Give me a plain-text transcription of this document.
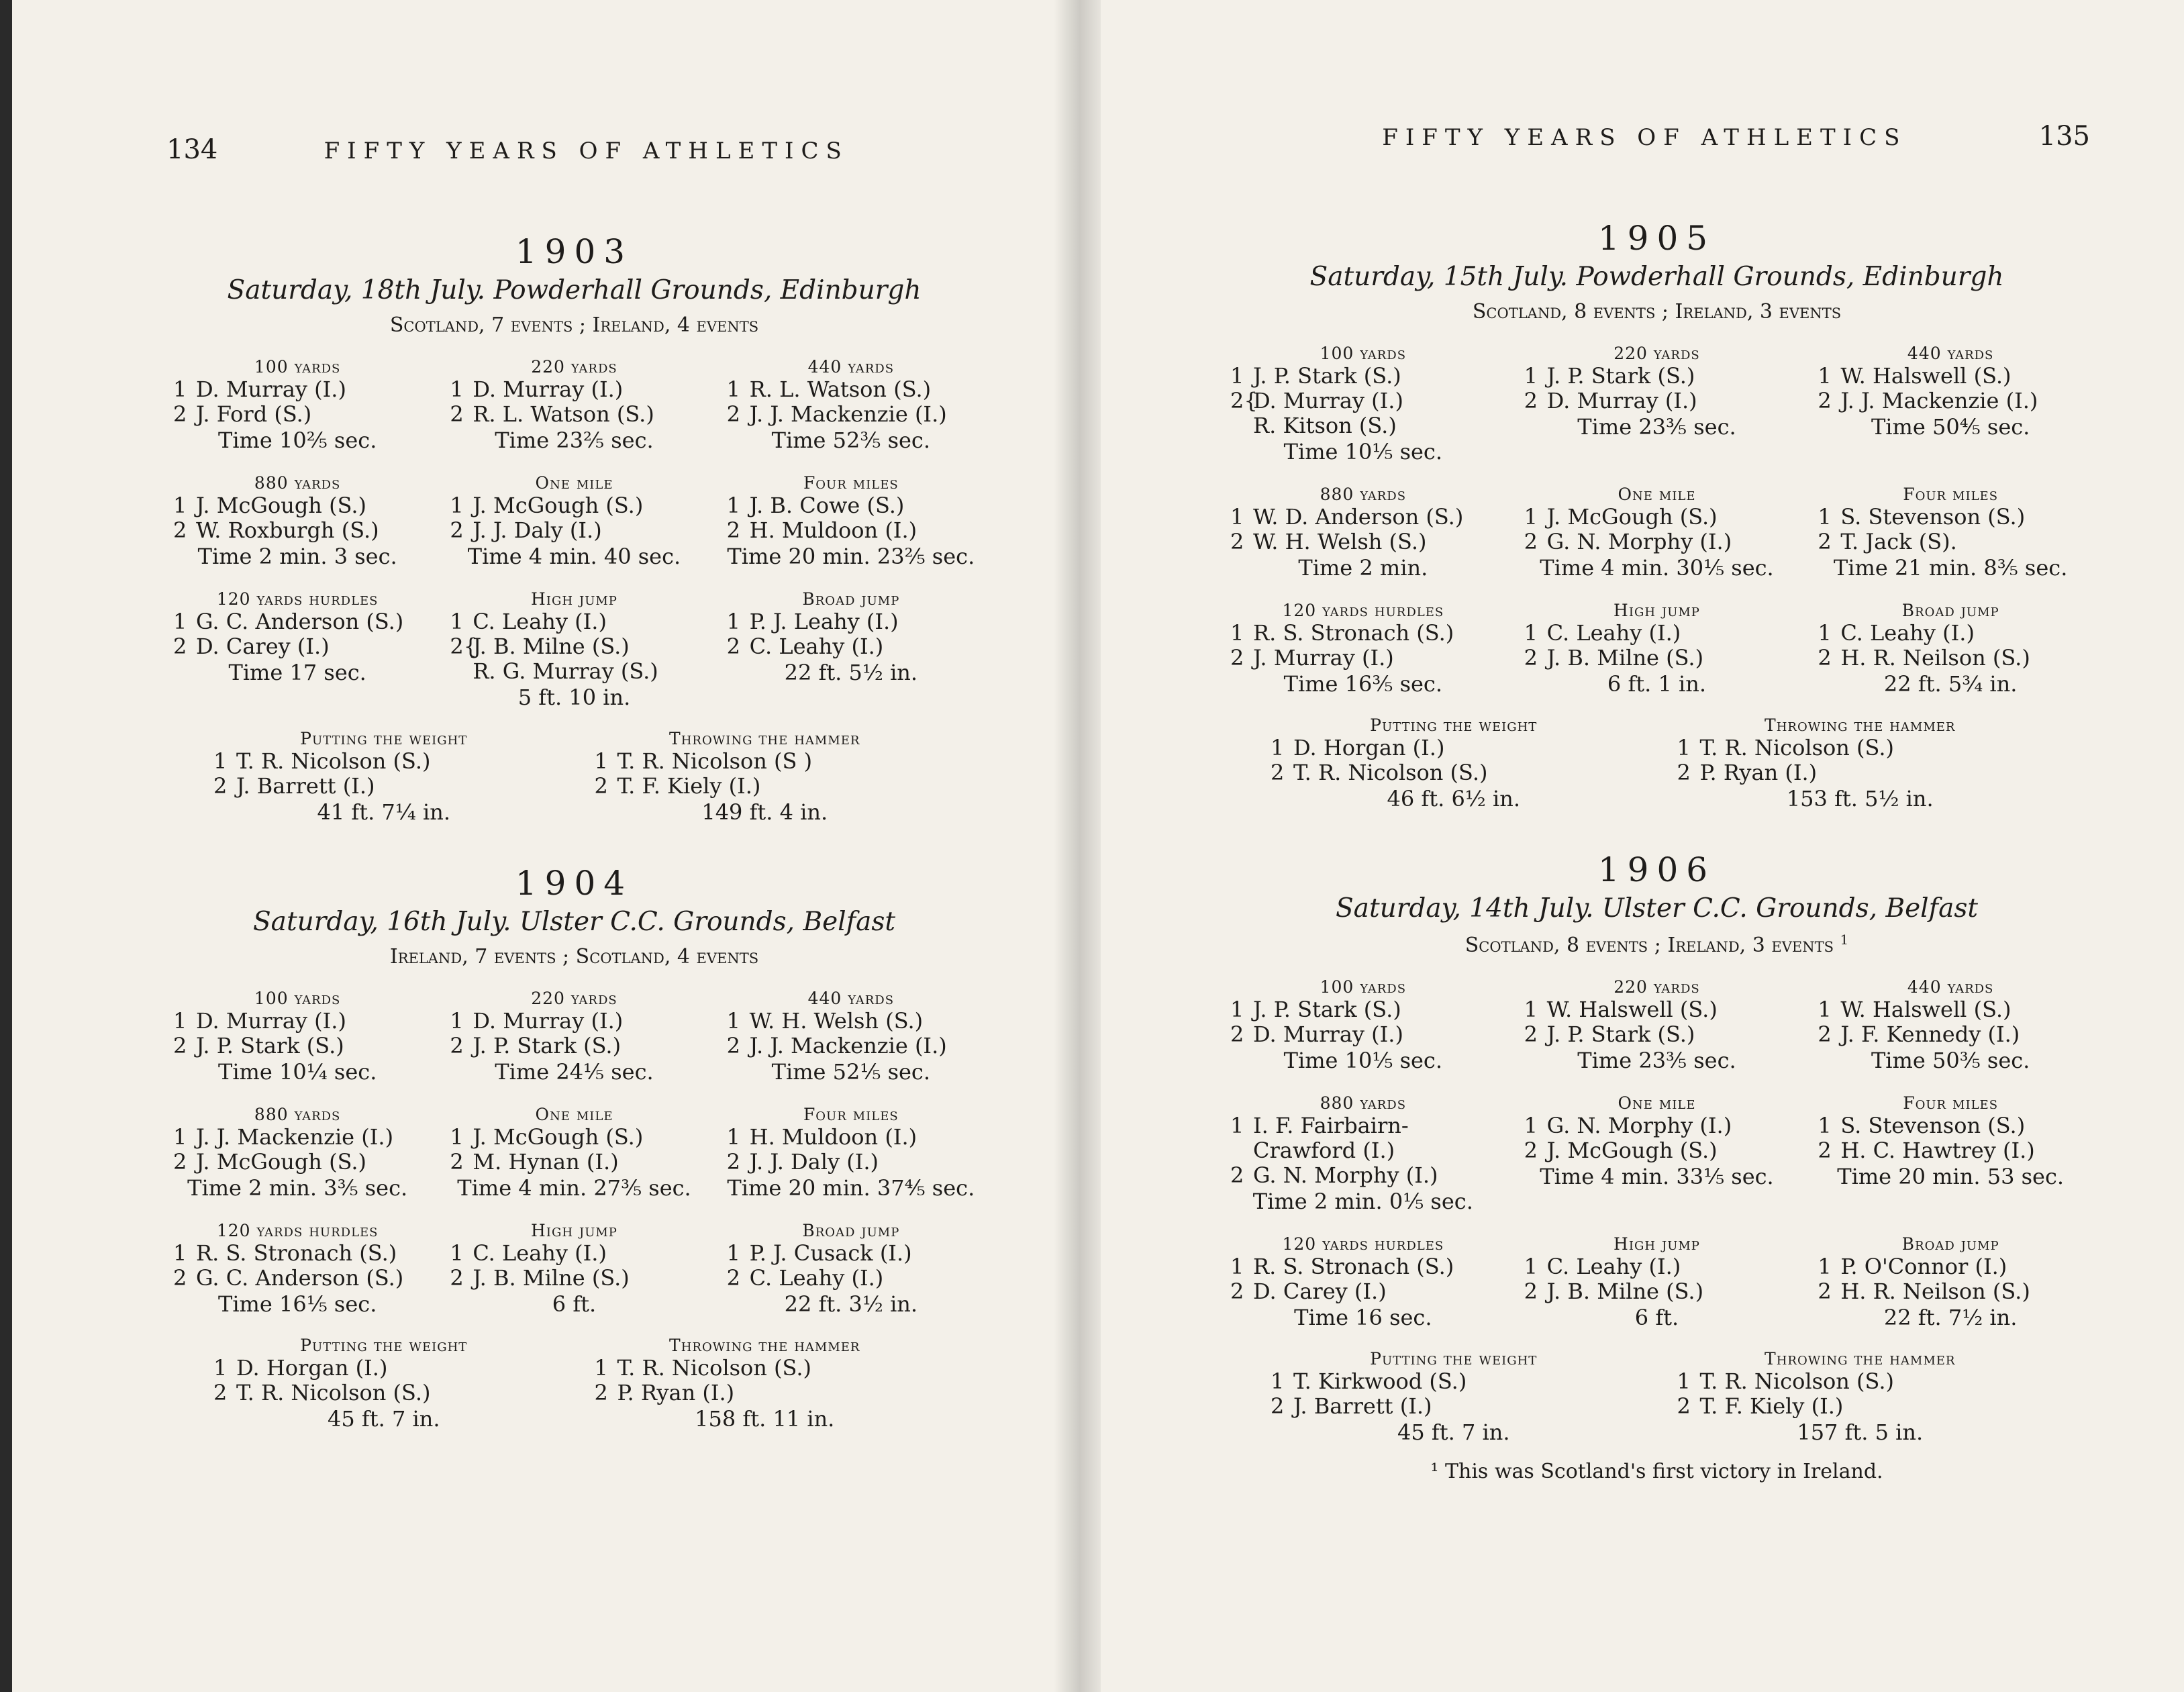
134	FIFTY YEARS OF ATHLETICS
1903
Saturday, 18th July. Powderhall Grounds, Edinburgh
Scotland, 7 events ; Ireland, 4 events
100 yards
1 D. Murray (I.)
2 J. Ford (S.)
Time 10⅖ sec.
220 yards
1 D. Murray (I.)
2 R. L. Watson (S.)
Time 23⅖ sec.
440 yards
1 R. L. Watson (S.)
2 J. J. Mackenzie (I.)
Time 52⅗ sec.
880 yards
1 J. McGough (S.)
2 W. Roxburgh (S.)
Time 2 min. 3 sec.
One mile
1 J. McGough (S.)
2 J. J. Daly (I.)
Time 4 min. 40 sec.
Four miles
1 J. B. Cowe (S.)
2 H. Muldoon (I.)
Time 20 min. 23⅖ sec.
120 yards hurdles
1 G. C. Anderson (S.)
2 D. Carey (I.)
Time 17 sec.
High jump
1 C. Leahy (I.)
2{
J. B. Milne (S.)
R. G. Murray (S.)
5 ft. 10 in.
Broad jump
1 P. J. Leahy (I.)
2 C. Leahy (I.)
22 ft. 5½ in.
Putting the weight
1 T. R. Nicolson (S.)
2 J. Barrett (I.)
41 ft. 7¼ in.
Throwing the hammer
1 T. R. Nicolson (S )
2 T. F. Kiely (I.)
149 ft. 4 in.
1904
Saturday, 16th July. Ulster C.C. Grounds, Belfast
Ireland, 7 events ; Scotland, 4 events
100 yards
1 D. Murray (I.)
2 J. P. Stark (S.)
Time 10¼ sec.
220 yards
1 D. Murray (I.)
2 J. P. Stark (S.)
Time 24⅕ sec.
440 yards
1 W. H. Welsh (S.)
2 J. J. Mackenzie (I.)
Time 52⅕ sec.
880 yards
1 J. J. Mackenzie (I.)
2 J. McGough (S.)
Time 2 min. 3⅗ sec.
One mile
1 J. McGough (S.)
2 M. Hynan (I.)
Time 4 min. 27⅗ sec.
Four miles
1 H. Muldoon (I.)
2 J. J. Daly (I.)
Time 20 min. 37⅘ sec.
120 yards hurdles
1 R. S. Stronach (S.)
2 G. C. Anderson (S.)
Time 16⅕ sec.
High jump
1 C. Leahy (I.)
2 J. B. Milne (S.)
6 ft.
Broad jump
1 P. J. Cusack (I.)
2 C. Leahy (I.)
22 ft. 3½ in.
Putting the weight
1 D. Horgan (I.)
2 T. R. Nicolson (S.)
45 ft. 7 in.
Throwing the hammer
1 T. R. Nicolson (S.)
2 P. Ryan (I.)
158 ft. 11 in.
FIFTY YEARS OF ATHLETICS	135
1905
Saturday, 15th July. Powderhall Grounds, Edinburgh
Scotland, 8 events ; Ireland, 3 events
100 yards
1 J. P. Stark (S.)
2{
D. Murray (I.)
R. Kitson (S.)
Time 10⅕ sec.
220 yards
1 J. P. Stark (S.)
2 D. Murray (I.)
Time 23⅗ sec.
440 yards
1 W. Halswell (S.)
2 J. J. Mackenzie (I.)
Time 50⅘ sec.
880 yards
1 W. D. Anderson (S.)
2 W. H. Welsh (S.)
Time 2 min.
One mile
1 J. McGough (S.)
2 G. N. Morphy (I.)
Time 4 min. 30⅕ sec.
Four miles
1 S. Stevenson (S.)
2 T. Jack (S).
Time 21 min. 8⅗ sec.
120 yards hurdles
1 R. S. Stronach (S.)
2 J. Murray (I.)
Time 16⅗ sec.
High jump
1 C. Leahy (I.)
2 J. B. Milne (S.)
6 ft. 1 in.
Broad jump
1 C. Leahy (I.)
2 H. R. Neilson (S.)
22 ft. 5¾ in.
Putting the weight
1 D. Horgan (I.)
2 T. R. Nicolson (S.)
46 ft. 6½ in.
Throwing the hammer
1 T. R. Nicolson (S.)
2 P. Ryan (I.)
153 ft. 5½ in.
1906
Saturday, 14th July. Ulster C.C. Grounds, Belfast
Scotland, 8 events ; Ireland, 3 events $^1$
100 yards
1 J. P. Stark (S.)
2 D. Murray (I.)
Time 10⅕ sec.
220 yards
1 W. Halswell (S.)
2 J. P. Stark (S.)
Time 23⅗ sec.
440 yards
1 W. Halswell (S.)
2 J. F. Kennedy (I.)
Time 50⅗ sec.
880 yards
1 I. F. Fairbairn-
Crawford (I.)
2 G. N. Morphy (I.)
Time 2 min. 0⅕ sec.
One mile
1 G. N. Morphy (I.)
2 J. McGough (S.)
Time 4 min. 33⅕ sec.
Four miles
1 S. Stevenson (S.)
2 H. C. Hawtrey (I.)
Time 20 min. 53 sec.
120 yards hurdles
1 R. S. Stronach (S.)
2 D. Carey (I.)
Time 16 sec.
High jump
1 C. Leahy (I.)
2 J. B. Milne (S.)
6 ft.
Broad jump
1 P. O'Connor (I.)
2 H. R. Neilson (S.)
22 ft. 7½ in.
Putting the weight
1 T. Kirkwood (S.)
2 J. Barrett (I.)
45 ft. 7 in.
Throwing the hammer
1 T. R. Nicolson (S.)
2 T. F. Kiely (I.)
157 ft. 5 in.
¹ This was Scotland's first victory in Ireland.
